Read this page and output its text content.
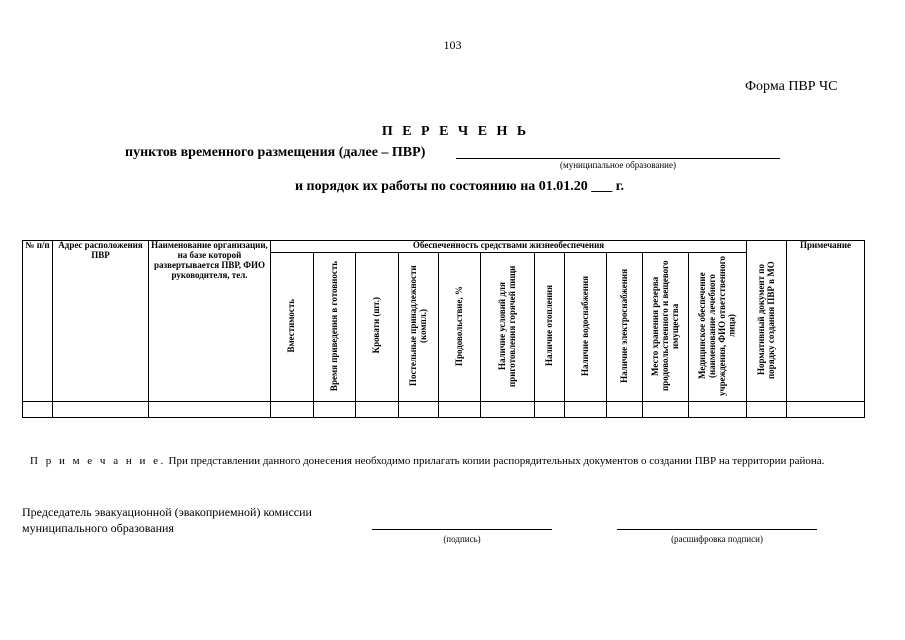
103
Форма ПВР ЧС
П Е Р Е Ч Е Н Ь
пунктов временного размещения (далее – ПВР)
(муниципальное образование)
и порядок их работы по состоянию на 01.01.20 ___ г.
№ п/п	Адрес расположения ПВР	Наименование организации, на базе которой развертывается ПВР, ФИО руководителя, тел.	Обеспеченность средствами жизнеобеспечения											Нормативный документ по порядку создания ПВР в МО	Примечание
			Вместимость	Время приведения в готовность	Кровати (шт.)	Постельные принадлежности (компл.)	Продовольствие, %	Наличие условий для приготовления горячей пищи	Наличие отопления	Наличие водоснабжения	Наличие электроснабжения	Место хранения резерва продовольственного и вещевого имущества	Медицинское обеспечение (наименование лечебного учреждения, ФИО ответственного лица)		

П р и м е ч а н и е. При представлении данного донесения необходимо прилагать копии распорядительных документов о создании ПВР на территории района.
Председатель эвакуационной (эвакоприемной) комиссии
муниципального образования
(подпись)	(расшифровка подписи)
